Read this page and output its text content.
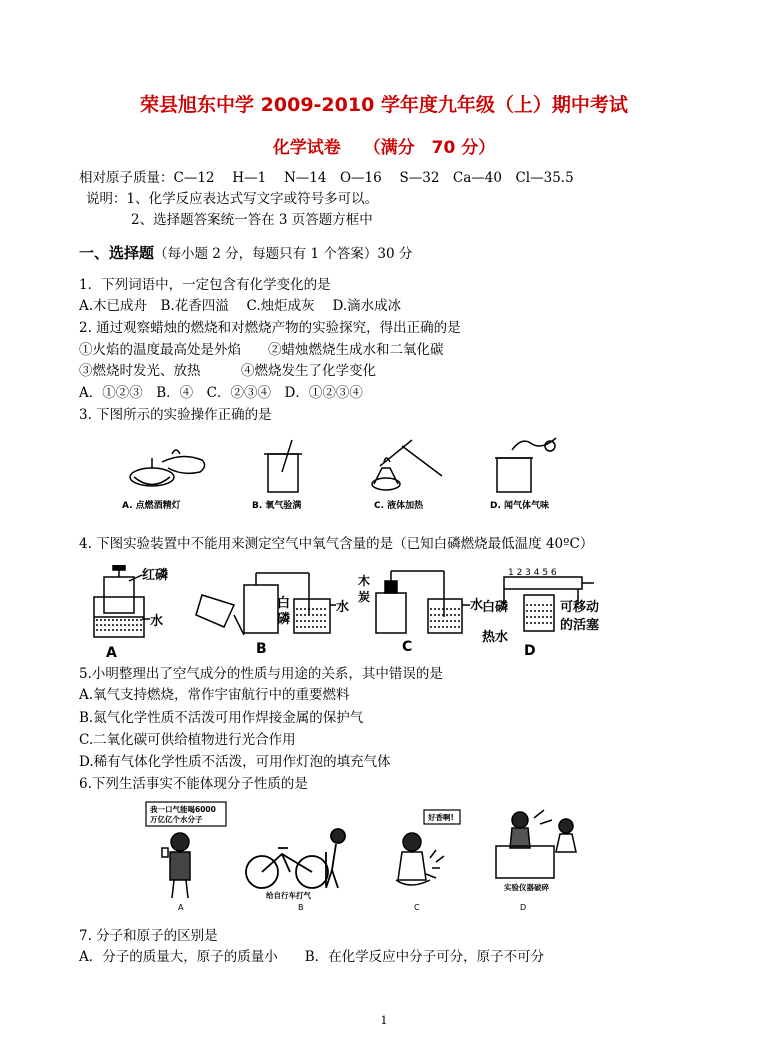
荣县旭东中学 2009-2010 学年度九年级（上）期中考试
化学试卷　 （满分　70 分）
相对原子质量：C—12　 H—1　 N—14　O—16　 S—32　Ca—40　Cl—35.5
说明：1、化学反应表达式写文字或符号多可以。
2、选择题答案统一答在 3 页答题方框中
一、选择题（每小题 2 分，每题只有 1 个答案）30 分
1．下列词语中，一定包含有化学变化的是
A.木已成舟　B.花香四溢　 C.烛炬成灰　 D.滴水成冰
2. 通过观察蜡烛的燃烧和对燃烧产物的实验探究，得出正确的是
①火焰的温度最高处是外焰　　②蜡烛燃烧生成水和二氧化碳
③燃烧时发光、放热　　　④燃烧发生了化学变化
A．①②③　B．④　C．②③④　D．①②③④
3. 下图所示的实验操作正确的是
A. 点燃酒精灯	B. 氧气验满	C. 液体加热	D. 闻气体气味
4. 下图实验装置中不能用来测定空气中氧气含量的是（已知白磷燃烧最低温度 40ºC）
红磷
水
A
白
磷
水
B
木
炭
水
C
1 2 3 4 5 6
白磷
热水
可移动
的活塞
D
5.小明整理出了空气成分的性质与用途的关系，其中错误的是
A.氧气支持燃烧，常作宇宙航行中的重要燃料
B.氮气化学性质不活泼可用作焊接金属的保护气
C.二氧化碳可供给植物进行光合作用
D.稀有气体化学性质不活泼，可用作灯泡的填充气体
6.下列生活事实不能体现分子性质的是
我一口气能喝6000
万亿亿个水分子
A
给自行车打气
B
好香啊!
C
实验仪器破碎
D
7. 分子和原子的区别是
A．分子的质量大，原子的质量小　　B．在化学反应中分子可分，原子不可分
1
